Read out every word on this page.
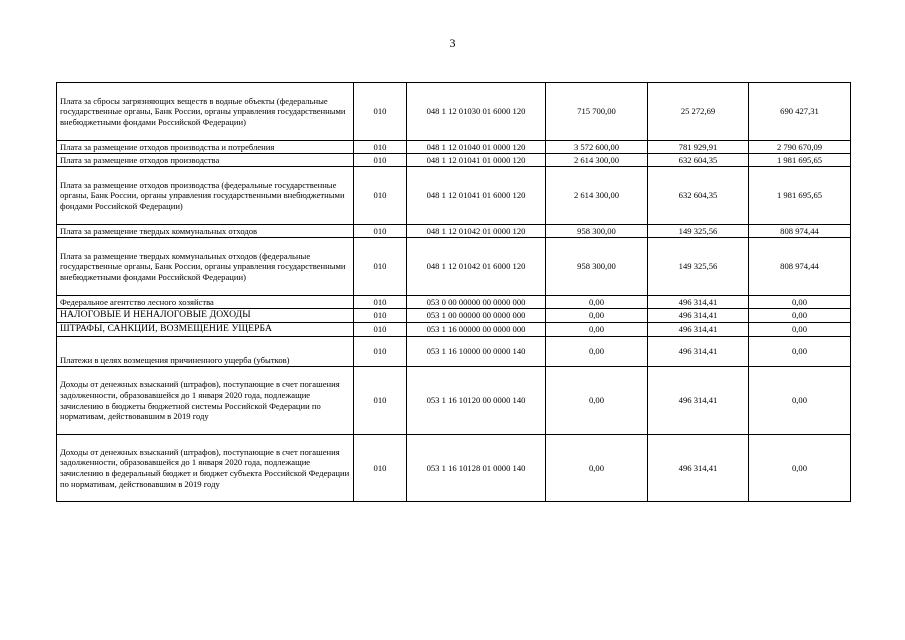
3
Плата за сбросы загрязняющих веществ в водные объекты (федеральные государственные органы, Банк России, органы управления государственными внебюджетными фондами Российской Федерации)	010	048 1 12 01030 01 6000 120	715 700,00	25 272,69	690 427,31
Плата за размещение отходов производства и потребления	010	048 1 12 01040 01 0000 120	3 572 600,00	781 929,91	2 790 670,09
Плата за размещение отходов производства	010	048 1 12 01041 01 0000 120	2 614 300,00	632 604,35	1 981 695,65
Плата за размещение отходов производства (федеральные государственные органы, Банк России, органы управления государственными внебюджетными фондами Российской Федерации)	010	048 1 12 01041 01 6000 120	2 614 300,00	632 604,35	1 981 695,65
Плата за размещение твердых коммунальных отходов	010	048 1 12 01042 01 0000 120	958 300,00	149 325,56	808 974,44
Плата за размещение твердых коммунальных отходов (федеральные государственные органы, Банк России, органы управления государственными внебюджетными фондами Российской Федерации)	010	048 1 12 01042 01 6000 120	958 300,00	149 325,56	808 974,44
Федеральное агентство лесного хозяйства	010	053 0 00 00000 00 0000 000	0,00	496 314,41	0,00
НАЛОГОВЫЕ И НЕНАЛОГОВЫЕ ДОХОДЫ	010	053 1 00 00000 00 0000 000	0,00	496 314,41	0,00
ШТРАФЫ, САНКЦИИ, ВОЗМЕЩЕНИЕ УЩЕРБА	010	053 1 16 00000 00 0000 000	0,00	496 314,41	0,00
Платежи в целях возмещения причиненного ущерба (убытков)	010	053 1 16 10000 00 0000 140	0,00	496 314,41	0,00
Доходы от денежных взысканий (штрафов), поступающие в счет погашения задолженности, образовавшейся до 1 января 2020 года, подлежащие зачислению в бюджеты бюджетной системы Российской Федерации по нормативам, действовавшим в 2019 году	010	053 1 16 10120 00 0000 140	0,00	496 314,41	0,00
Доходы от денежных взысканий (штрафов), поступающие в счет погашения задолженности, образовавшейся до 1 января 2020 года, подлежащие зачислению в федеральный бюджет и бюджет субъекта Российской Федерации по нормативам, действовавшим в 2019 году	010	053 1 16 10128 01 0000 140	0,00	496 314,41	0,00
